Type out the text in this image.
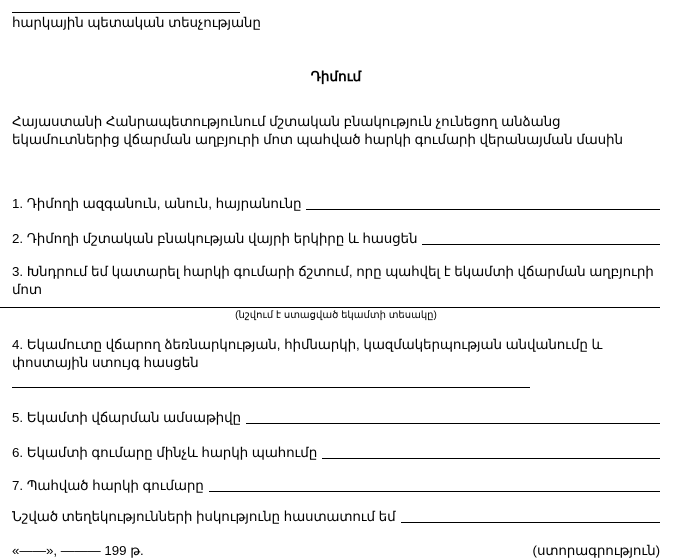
հարկային պետական տեսչությանը
Դիմում
Հայաստանի Հանրապետությունում մշտական բնակություն չունեցող անձանց եկամուտներից վճարման աղբյուրի մոտ պահված հարկի գումարի վերանայման մասին
1. Դիմողի ազգանուն, անուն, հայրանունը
2. Դիմողի մշտական բնակության վայրի երկիրը և հասցեն
3. Խնդրում եմ կատարել հարկի գումարի ճշտում, որը պահվել է եկամտի վճարման աղբյուրի մոտ
(նշվում է ստացված եկամտի տեսակը)
4. Եկամուտը վճարող ձեռնարկության, հիմնարկի, կազմակերպության անվանումը և փոստային ստույգ հասցեն
5. Եկամտի վճարման ամսաթիվը
6. Եկամտի գումարը մինչև հարկի պահումը
7. Պահված հարկի գումարը
Նշված տեղեկությունների իսկությունը հաստատում եմ
«——», ——— 199 թ.	(ստորագրություն)
